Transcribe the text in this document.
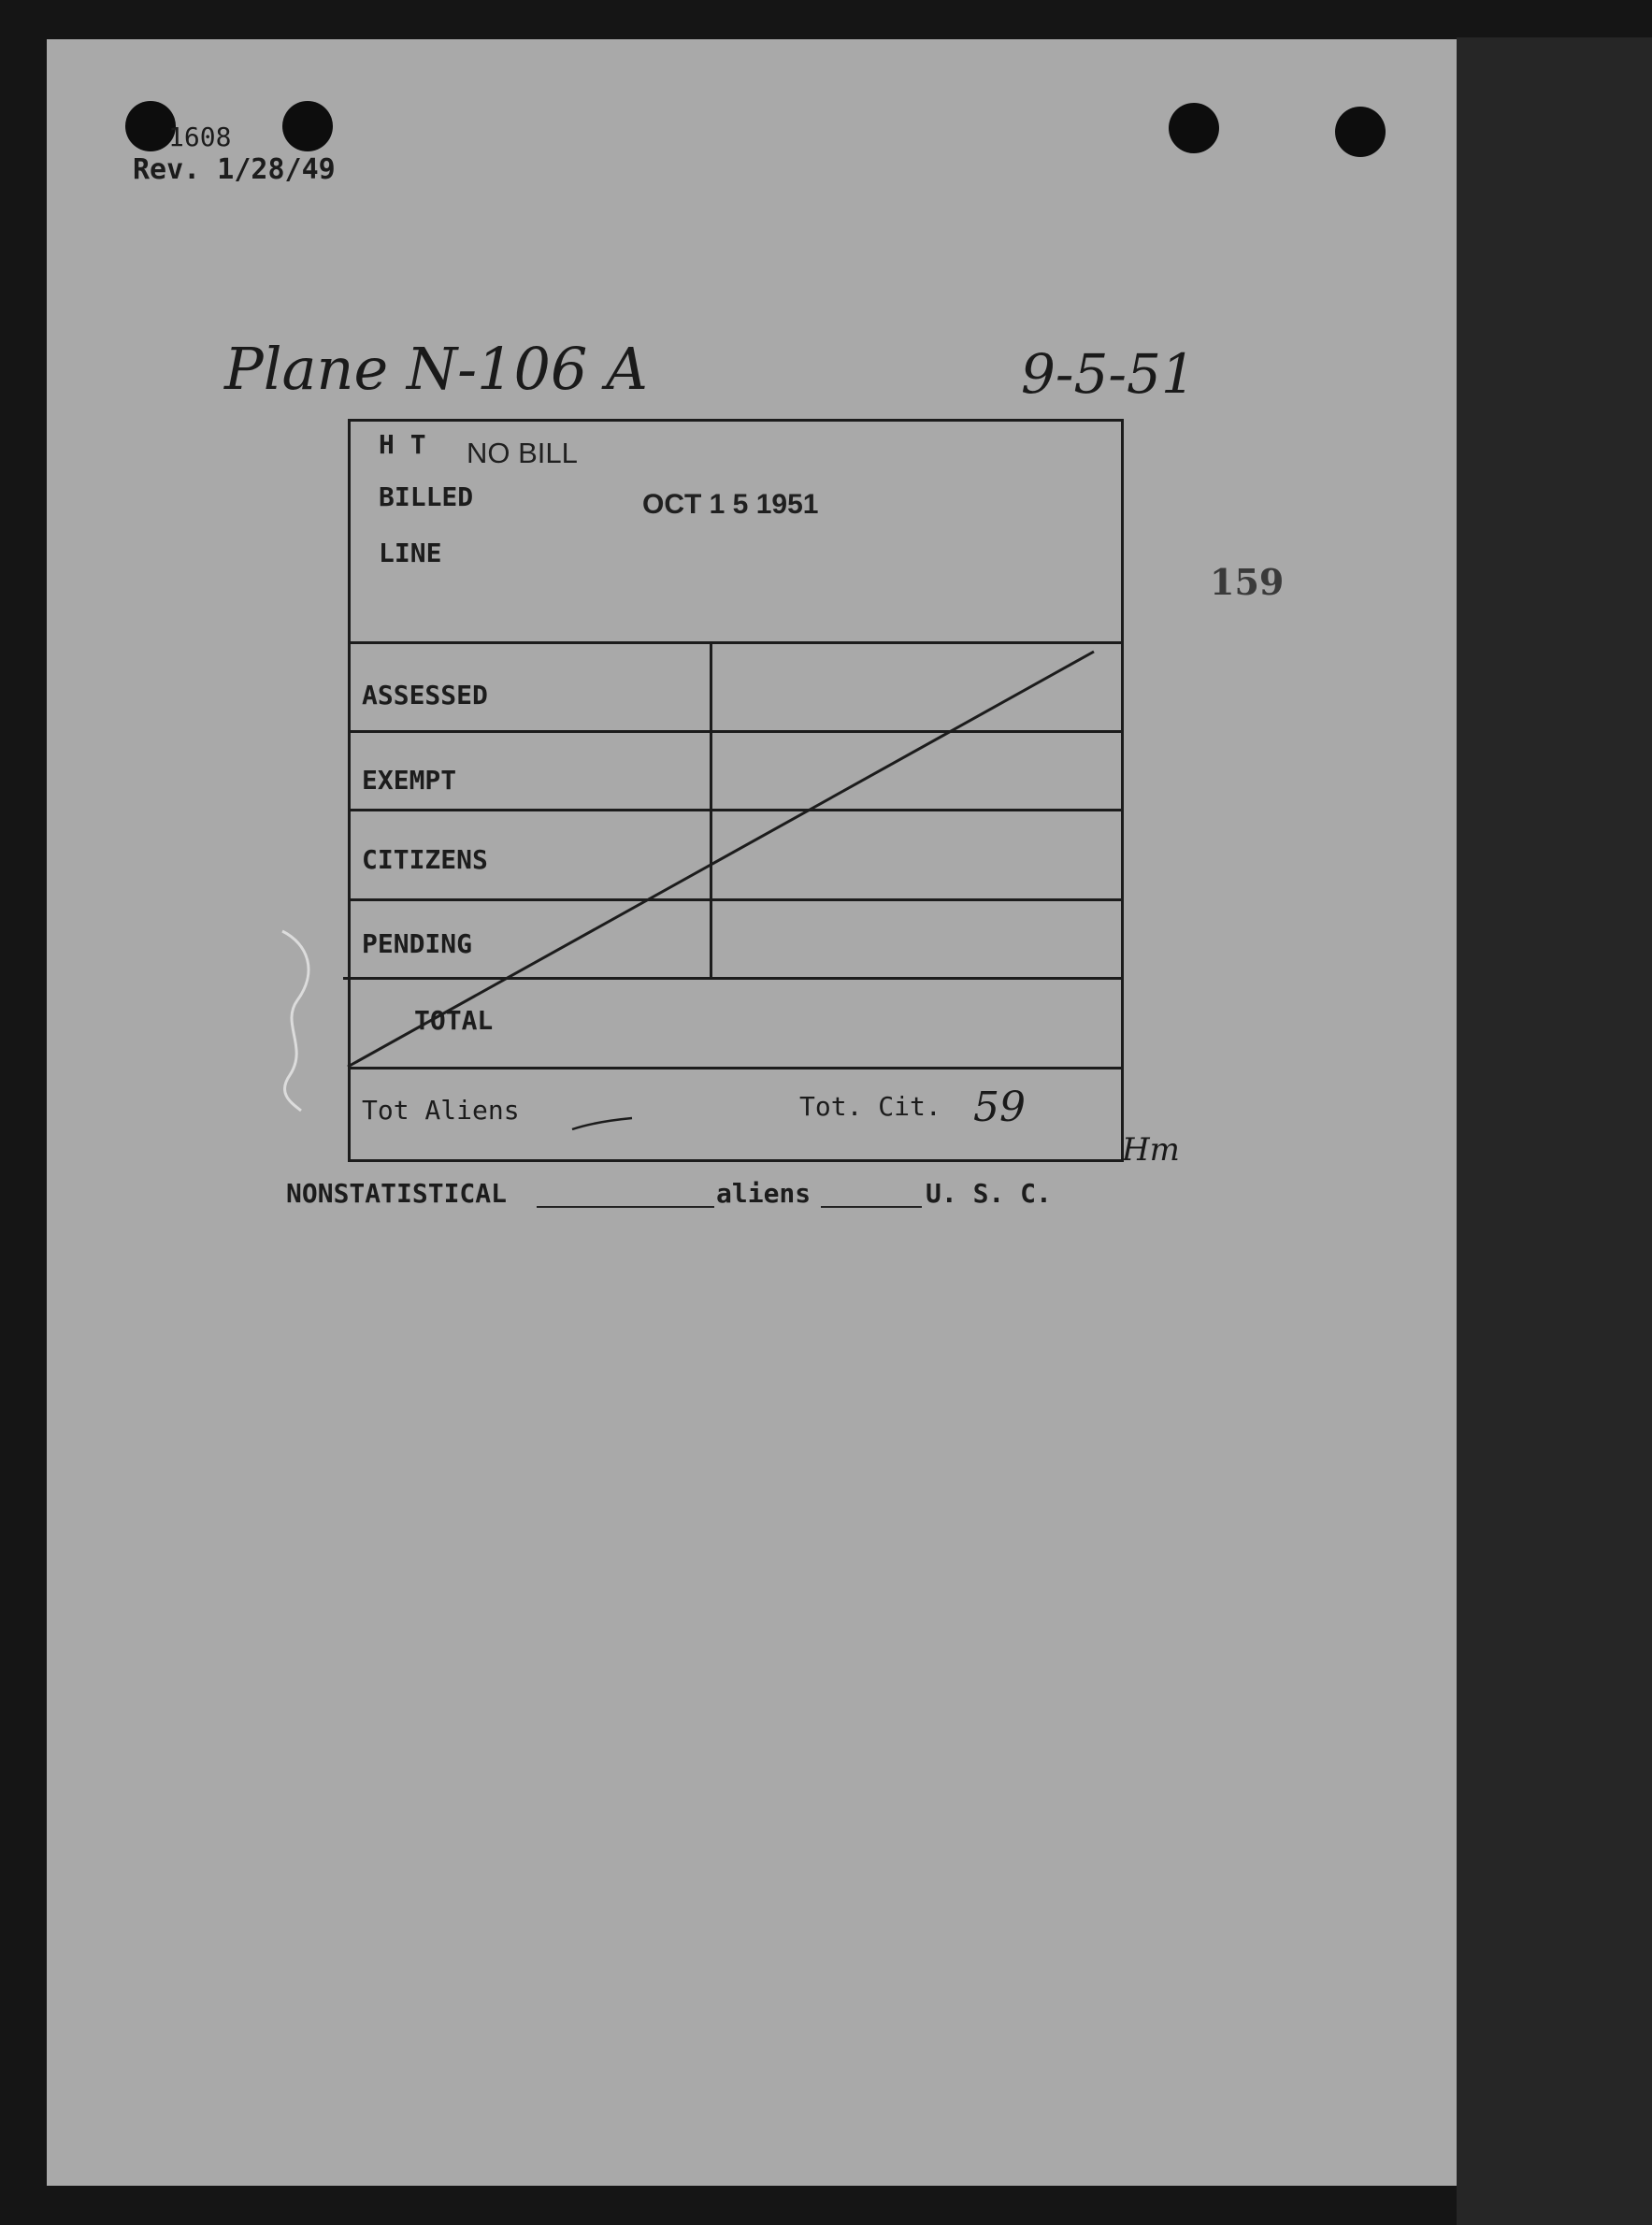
1608
Rev. 1/28/49
Plane N-106 A	9-5-51
159
H T NO BILL
BILLED	OCT 1 5 1951
LINE
ASSESSED
EXEMPT
CITIZENS
PENDING
TOTAL
Tot Aliens	Tot. Cit. 59
Hm
NONSTATISTICAL	aliens	U. S. C.
